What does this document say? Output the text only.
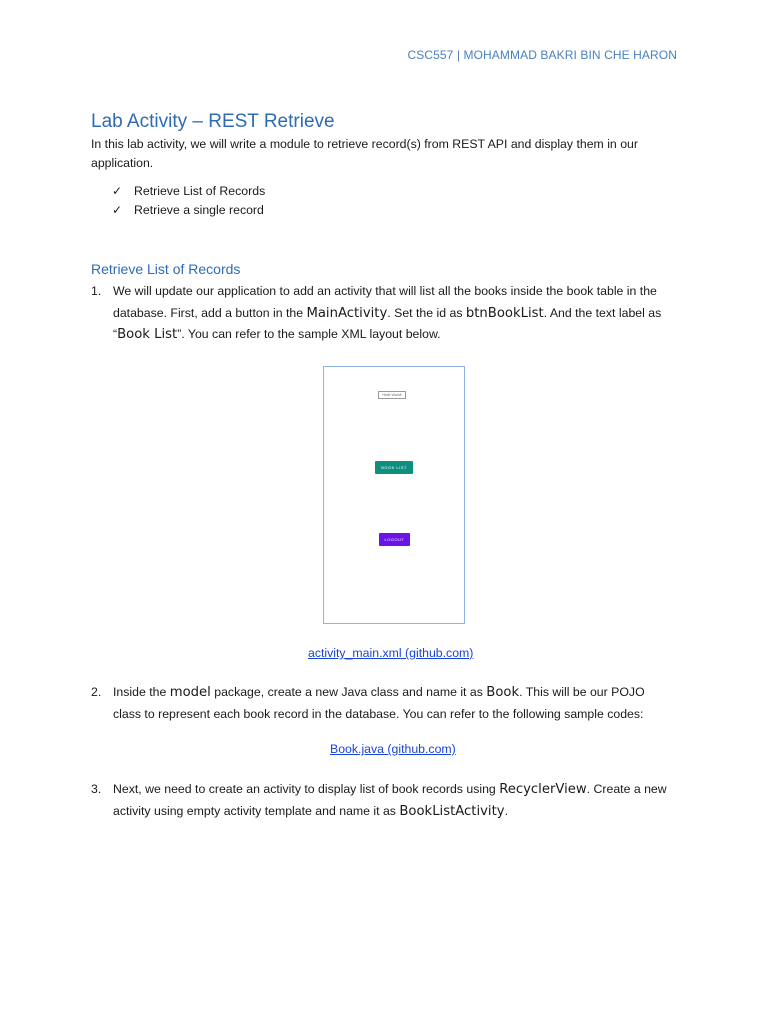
CSC557 | MOHAMMAD BAKRI BIN CHE HARON
Lab Activity – REST Retrieve
In this lab activity, we will write a module to retrieve record(s) from REST API and display them in our application.
✓ Retrieve List of Records
✓ Retrieve a single record
Retrieve List of Records
1. We will update our application to add an activity that will list all the books inside the book table in the database. First, add a button in the MainActivity. Set the id as btnBookList. And the text label as “Book List”. You can refer to the sample XML layout below.
Hello World!
BOOK LIST
LOGOUT
activity_main.xml (github.com)
2. Inside the model package, create a new Java class and name it as Book. This will be our POJO class to represent each book record in the database. You can refer to the following sample codes:
Book.java (github.com)
3. Next, we need to create an activity to display list of book records using RecyclerView. Create a new activity using empty activity template and name it as BookListActivity.
